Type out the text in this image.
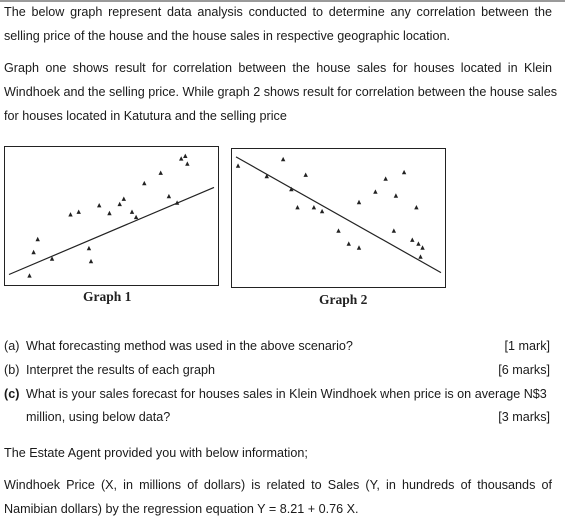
The below graph represent data analysis conducted to determine any correlation between the
selling price of the house and the house sales in respective geographic location.
Graph one shows result for correlation between the house sales for houses located in Klein
Windhoek and the selling price. While graph 2 shows result for correlation between the house sales
for houses located in Katutura and the selling price
Graph 1	Graph 2
(a) What forecasting method was used in the above scenario?	[1 mark]
(b) Interpret the results of each graph	[6 marks]
(c) What is your sales forecast for houses sales in Klein Windhoek when price is on average N$3
million, using below data?	[3 marks]
The Estate Agent provided you with below information;
Windhoek Price (X, in millions of dollars) is related to Sales (Y, in hundreds of thousands of
Namibian dollars) by the regression equation Y = 8.21 + 0.76 X.
